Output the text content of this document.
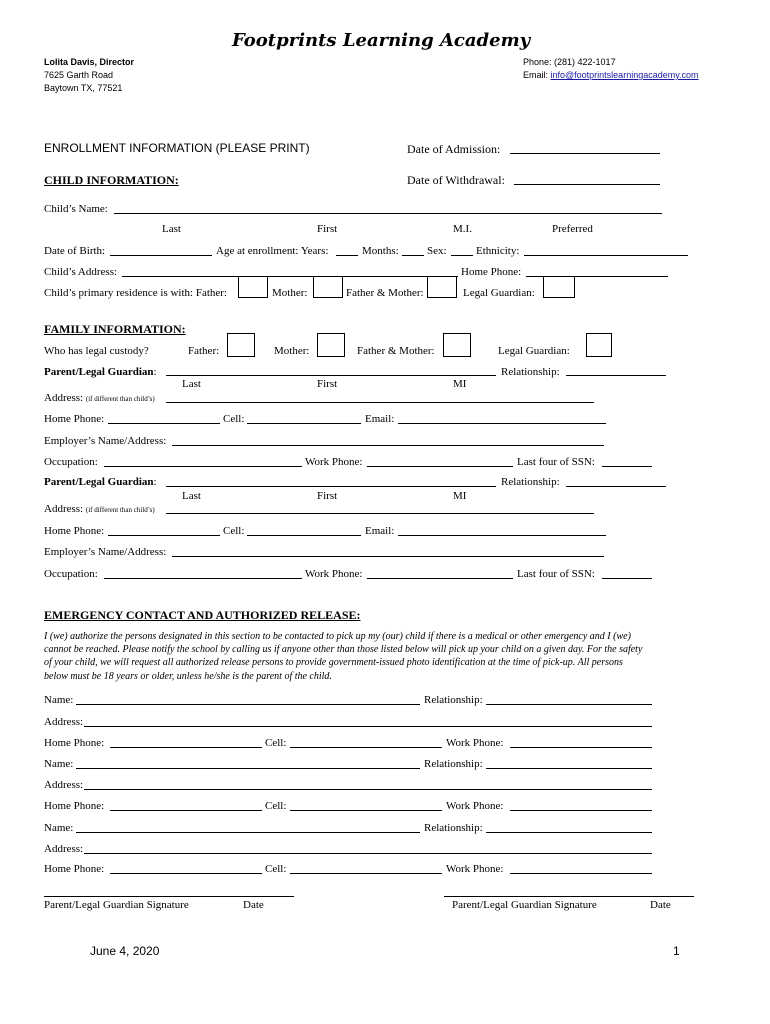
Footprints Learning Academy
Lolita Davis, Director
7625 Garth Road
Baytown TX, 77521
Phone: (281) 422-1017
Email: info@footprintslearningacademy.com
ENROLLMENT INFORMATION (PLEASE PRINT)	Date of Admission:
CHILD INFORMATION:	Date of Withdrawal:
Child’s Name:
Last	First	M.I.	Preferred
Date of Birth:	Age at enrollment: Years:	Months:	Sex:	Ethnicity:
Child’s Address:	Home Phone:
Child’s primary residence is with: Father:	Mother:	Father & Mother:	Legal Guardian:
FAMILY INFORMATION:
Who has legal custody?	Father:	Mother:	Father & Mother:	Legal Guardian:
Parent/Legal Guardian:	Relationship:
Last	First	MI
Address: (if different than child’s)
Home Phone:	Cell:	Email:
Employer’s Name/Address:
Occupation:	Work Phone:	Last four of SSN:
Parent/Legal Guardian:	Relationship:
Last	First	MI
Address: (if different than child’s)
Home Phone:	Cell:	Email:
Employer’s Name/Address:
Occupation:	Work Phone:	Last four of SSN:
EMERGENCY CONTACT AND AUTHORIZED RELEASE:
I (we) authorize the persons designated in this section to be contacted to pick up my (our) child if there is a medical or other emergency and I (we)
cannot be reached. Please notify the school by calling us if anyone other than those listed below will pick up your child on a given day. For the safety
of your child, we will request all authorized release persons to provide government-issued photo identification at the time of pick-up. All persons
below must be 18 years or older, unless he/she is the parent of the child.
Name:	Relationship:
Address:
Home Phone:	Cell:	Work Phone:
Name:	Relationship:
Address:
Home Phone:	Cell:	Work Phone:
Name:	Relationship:
Address:
Home Phone:	Cell:	Work Phone:
Parent/Legal Guardian Signature	Date	Parent/Legal Guardian Signature	Date
June 4, 2020	1
